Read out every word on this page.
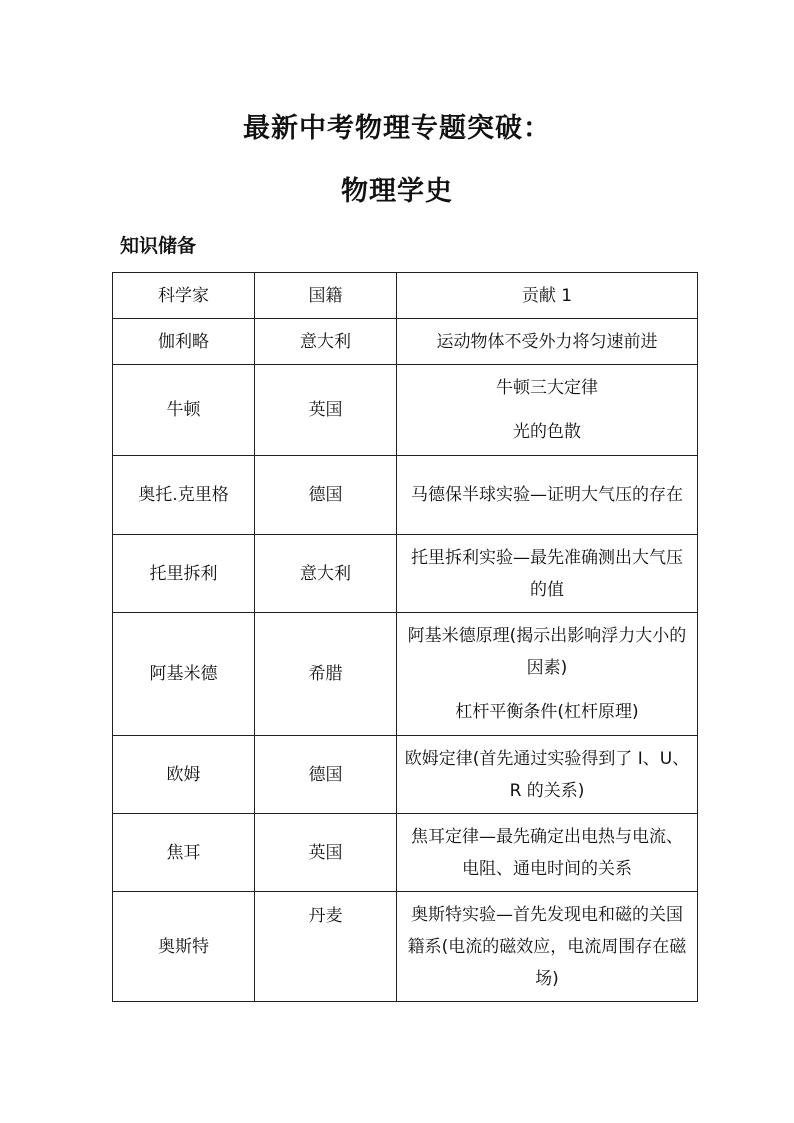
最新中考物理专题突破：
物理学史
知识储备
科学家	国籍	贡献 1
伽利略	意大利	运动物体不受外力将匀速前进

牛顿	英国	牛顿三大定律

光的色散

奥托.克里格	德国	马德保半球实验—证明大气压的存在

托里拆利	意大利	托里拆利实验—最先准确测出大气压的值

阿基米德	希腊	阿基米德原理(揭示出影响浮力大小的因素)

杠杆平衡条件(杠杆原理)

欧姆	德国	欧姆定律(首先通过实验得到了 I、U、R 的关系)

焦耳	英国	焦耳定律—最先确定出电热与电流、电阻、通电时间的关系

奥斯特	丹麦	奥斯特实验—首先发现电和磁的关国籍系(电流的磁效应，电流周围存在磁场)
